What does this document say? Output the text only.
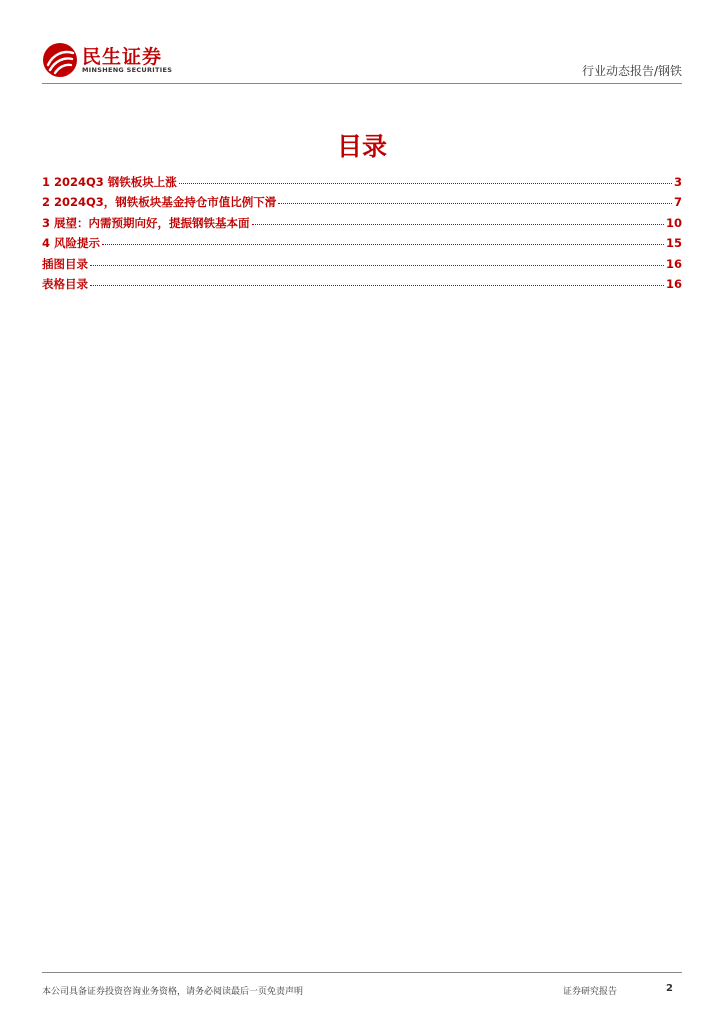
民生证券
MINSHENG SECURITIES	行业动态报告/钢铁
目录
1 2024Q3 钢铁板块上涨	3
2 2024Q3，钢铁板块基金持仓市值比例下滑	7
3 展望：内需预期向好，提振钢铁基本面	10
4 风险提示	15
插图目录	16
表格目录	16
本公司具备证券投资咨询业务资格，请务必阅读最后一页免责声明	证券研究报告	2
